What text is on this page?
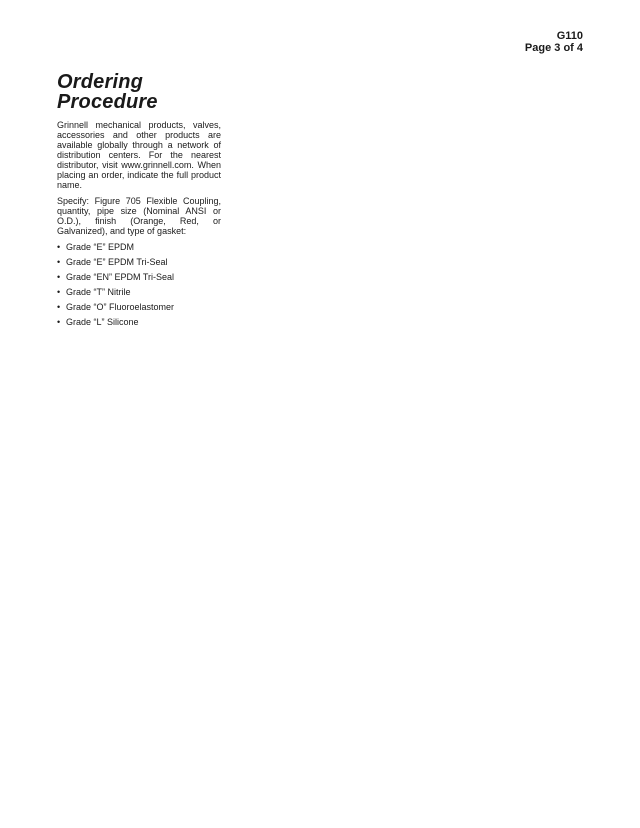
G110
Page 3 of 4
Ordering
Procedure

Grinnell mechanical products, valves, accessories and other products are available globally through a network of distribution centers. For the nearest distributor, visit www.grinnell.com. When placing an order, indicate the full product name.

Specify: Figure 705 Flexible Coupling, quantity, pipe size (Nominal ANSI or O.D.), finish (Orange, Red, or Galvanized), and type of gasket:

• Grade “E” EPDM
• Grade “E” EPDM Tri-Seal
• Grade “EN” EPDM Tri-Seal
• Grade “T” Nitrile
• Grade “O” Fluoroelastomer
• Grade “L” Silicone
